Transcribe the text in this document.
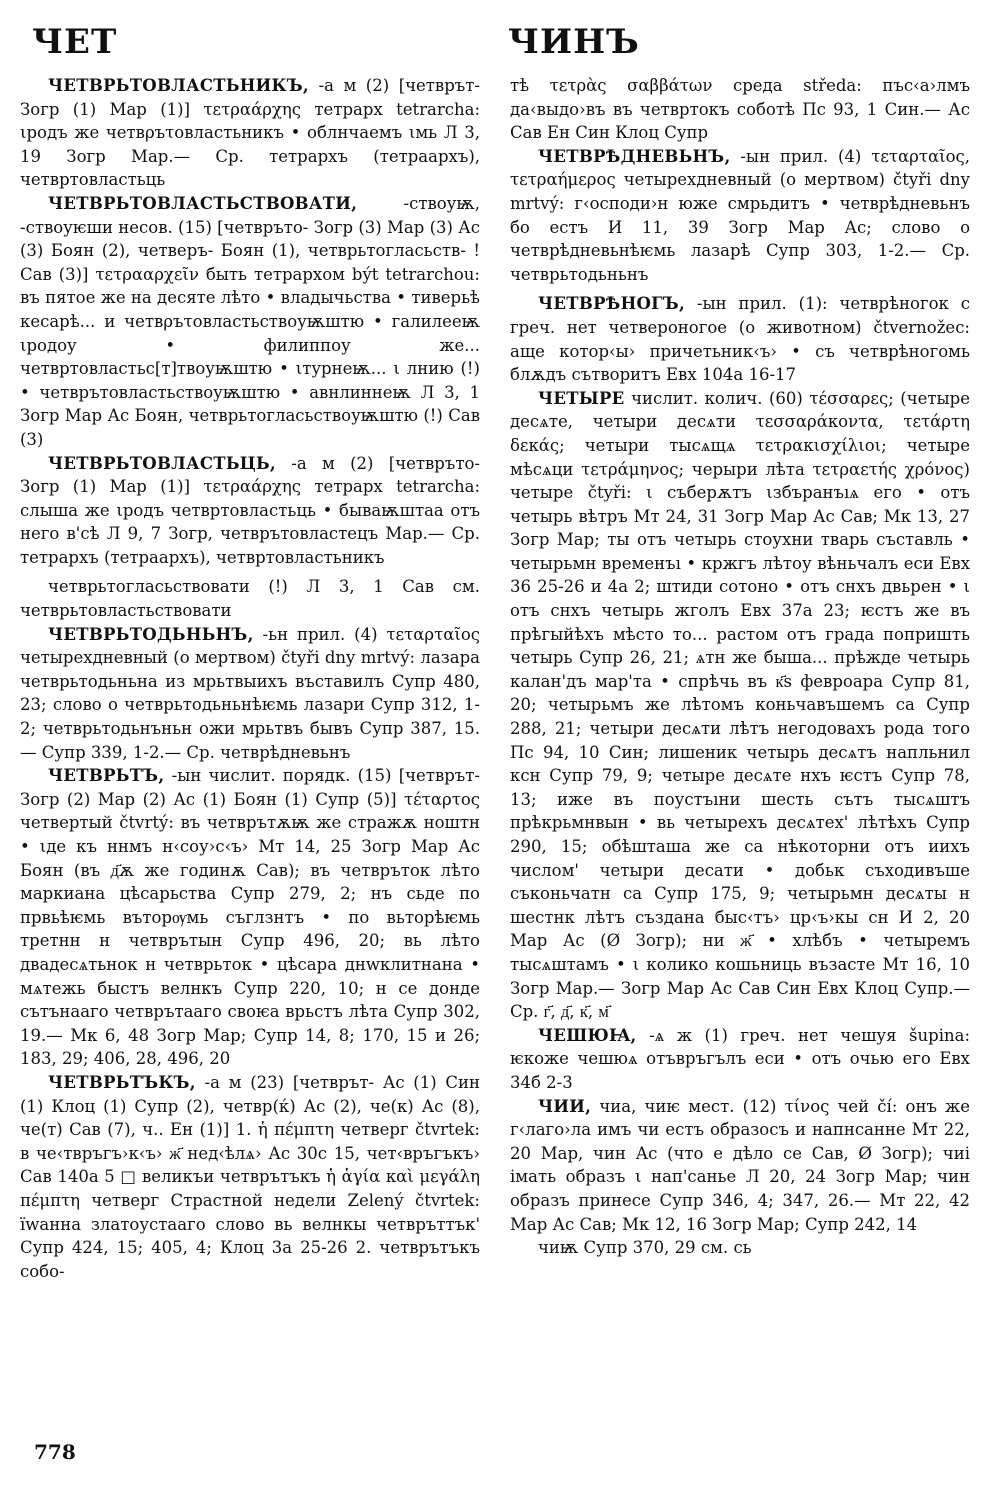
ЧЕТ	ЧИНЪ

ЧЕТВРЬТОВЛАСТЬНИКЪ, -а м (2) [четврът- Зогр (1) Мар (1)] τετραάρχης тетрарх tetrarcha: ιродъ же четвρъτοвластьникъ • облнчаемъ ιмь Л 3, 19 Зогр Мар.— Ср. тетрархъ (тетраархъ), четвртовластьць

ЧЕТВРЬТОВЛАСТЬСТВОВАТИ,	-ствоуѭ, -ствоуѥши несов. (15) [четвръто- Зогр (3) Мар (3) Ас (3) Боян (2), четверъ- Боян (1), четврьтогласьств- ! Сав (3)] τετρααρχεῖν быть тетрархом být tetrarchou: въ пятое же на десяте лѣто • владычьства • тиверьѣ кесарѣ... и четвρъτовластьствоуѭштю • галилееѭ ιродоу • филиппоу же... четвртовластьс[т]твоуѭштю • ιтурнеѭ... ι лнию (!) • четврътовластьствоуѭштю • авнлиннеѭ Л 3, 1 Зогр Мар Ас Боян, четврьтогласьствоуѭштю (!) Сав (3)

ЧЕТВРЬТОВЛАСТЬЦЬ, -а м (2) [четвръто- Зогр (1) Мар (1)] τετραάρχης тетрарх tetrarcha: слыша же ιродъ четвртовластьць • бываѭштаа отъ него в'сѣ Л 9, 7 Зогр, четврътовластецъ Мар.— Ср. тетрархъ (тетраархъ), четвртовластьникъ

четврьтогласьствовати (!) Л 3, 1 Сав см. четврьтовластьствовати

ЧЕТВРЬТОДЬНЬНЪ, -ьн прил. (4) τεταρταῖος четырехдневный (о мертвом) čtyři dny mrtvý: лазара четврьтодьньна из мрьтвыихъ въставилъ Супр 480, 23; слово о четврьтодьньнѣѥмь лазари Супр 312, 1-2; четврьтодьнъньн ожи мрьтвъ бывъ Супр 387, 15.— Супр 339, 1-2.— Ср. четврѣдневьнъ

ЧЕТВРЬТЪ, -ын числит. порядк. (15) [четврът- Зогр (2) Мар (2) Ас (1) Боян (1) Супр (5)] τέταρτος четвертый čtvrtý: въ четврътѫѭ же стражѫ ноштн • ιде къ ннмъ н‹соу›с‹ъ› Мт 14, 25 Зогр Мар Ас Боян (въ д҃ѫ же годинѫ Сав); въ четвръток лѣто маркиана цѣсарьства Супр 279, 2; нъ сьде по првьѣѥмь въторѹмь съглзнтъ • по вьторѣѥмь третнн н четврътын Супр 496, 20; вь лѣто двадесѧтьнок н четврьток • цѣсара днwклитнана • мѧтежь быстъ велнкъ Супр 220, 10; н се донде сътънааго четврътааго своѥа врьстъ лѣта Супр 302, 19.— Мк 6, 48 Зогр Мар; Супр 14, 8; 170, 15 и 26; 183, 29; 406, 28, 496, 20

ЧЕТВРЬТЪКЪ, -а м (23) [четврът- Ас (1) Син (1) Клоц (1) Супр (2), четвр(ќ) Ас (2), че(к) Ас (8), че(т) Сав (7), ч.. Ен (1)] 1. ἡ πέμπτη четверг čtvrtek: в че‹твръгъ›к‹ъ› ж҃ нед‹ѣлѧ› Ас 30с 15, чет‹връгъкъ› Сав 140а 5 □ великъи четврътъкъ ἡ ἁγία καὶ μεγάλη πέμπτη четверг Страстной недели Zelený čtvrtek: їwанна златоустааго слово вь велнкы четвръттък' Супр 424, 15; 405, 4; Клоц 3а 25-26 2. четврътъкъ собо-

тѣ τετρὰς σαββάτων среда středa: пъс‹а›лмъ да‹выдо›въ въ четвртокъ соботѣ Пс 93, 1 Син.— Ас Сав Ен Син Клоц Супр

ЧЕТВРѢДНЕВЬНЪ, -ын прил. (4) τεταρταῖος, τετραήμερος четырехдневный (о мертвом) čtyři dny mrtvý: г‹осподи›н юже смрьдитъ • четврѣдневьнъ бо естъ И 11, 39 Зогр Мар Ас; слово о четврѣдневьнѣѥмь лазарѣ Супр 303, 1-2.— Ср. четврьтодьньнъ

ЧЕТВРѢНОГЪ, -ын прил. (1): четврѣногок с греч. нет четвероногое (о животном) čtvernožec: аще котор‹ы› причетьник‹ъ› • съ четврѣногомь блѫдъ сътворитъ Евх 104а 16-17

ЧЕТЫРЕ числит. колич. (60) τέσσαρες; (четыре десѧте, четыри десѧти τεσσαράκοντα, τετάρτη δεκάς; четыри тысѧщѧ τετρακισχίλιοι; четыре мѣсѧци τετράμηνος; черыри лѣта τετραετής χρόνος) четыре čtyři: ι съберѫтъ ιзбъранъıѧ его • отъ четырь вѣтръ Мт 24, 31 Зогр Мар Ас Сав; Мк 13, 27 Зогр Мар; ты отъ четырь стоухни тварь съставль • четырьмн временъı • кржгъ лѣтоу вѣньчалъ еси Евх 36 25-26 и 4а 2; штиди сотоно • отъ снхъ двьрен • ι отъ снхъ четырь жголъ Евх 37а 23; ѥстъ же въ прѣгыйѣхъ мѣсто то... растом отъ града попришть четырь Супр 26, 21; ѧтн же быша... прѣжде четырь калан'дъ мар'та • спрѣчь въ к҃s февроара Супр 81, 20; четырьмъ же лѣтомъ коньчавъшемъ са Супр 288, 21; четыри десѧти лѣтъ негодовахъ рода того Пс 94, 10 Син; лишеник четырь десѧтъ напльнил ксн Супр 79, 9; четыре десѧте нхъ ѥстъ Супр 78, 13; иже въ поустъıни шесть сътъ тысѧштъ прѣкрьмнвын • вь четырехъ десѧтех' лѣтѣхъ Супр 290, 15; обѣшташа же са нѣкоторни отъ иихъ числом' четыри десати • добьк съходивъше съконьчатн са Супр 175, 9; четырьмн десѧты н шестнк лѣтъ създана быс‹тъ› цр‹ъ›кы сн И 2, 20 Мар Ас (Ø Зогр); ни ж҃ • хлѣбъ • четыремъ тысѧштамъ • ι колико кошьниць възасте Мт 16, 10 Зогр Мар.— Зогр Мар Ас Сав Син Евх Клоц Супр.— Ср. г҃, д҃, к҃, м҃

ЧЕШЮꙖ, -ѧ ж (1) греч. нет чешуя šupina: ѥкоже чешюѧ отъвръгълъ еси • отъ очью его Евх 34б 2-3

ЧИИ, чиа, чиѥ мест. (12) τίνος чей čí: онъ же г‹лаго›ла имъ чи естъ образосъ и напнсанне Мт 22, 20 Мар, чин Ас (что е дѣло се Сав, Ø Зогр); чиі імать образъ ι нап'санье Л 20, 24 Зогр Мар; чин образъ принесе Супр 346, 4; 347, 26.— Мт 22, 42 Мар Ас Сав; Мк 12, 16 Зогр Мар; Супр 242, 14

чиѭ Супр 370, 29 см. сь

778
